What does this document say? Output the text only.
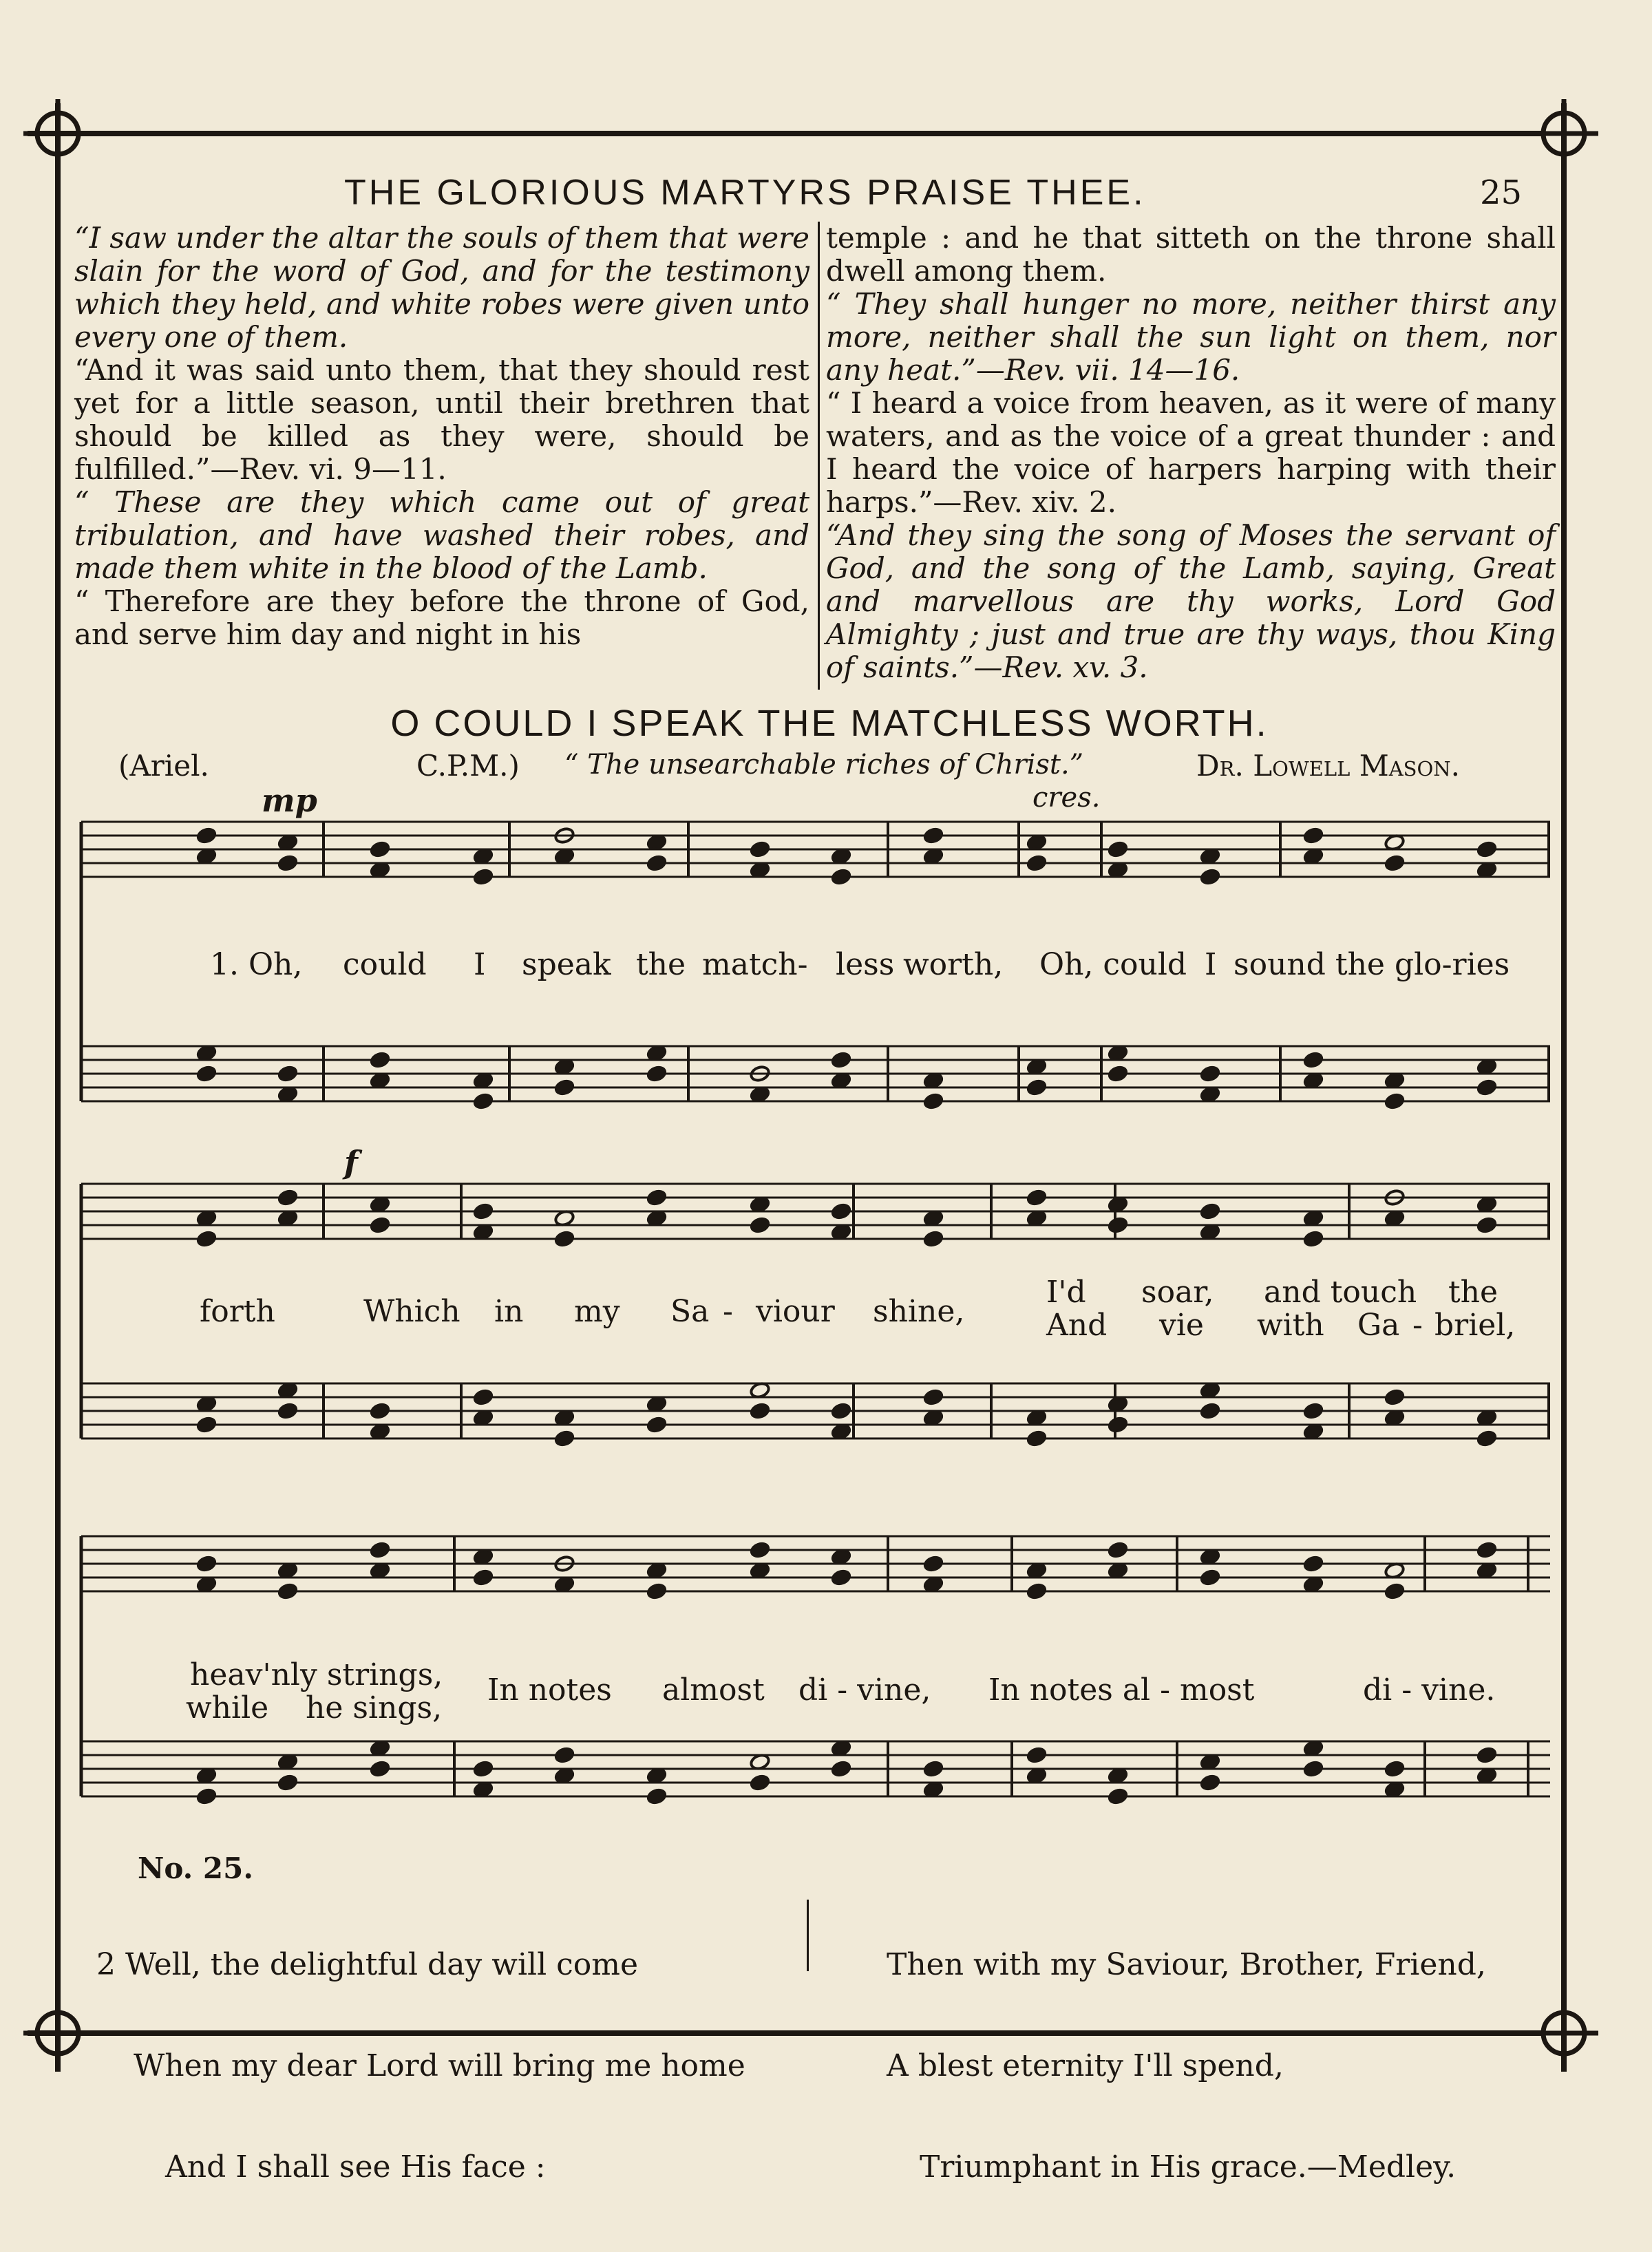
THE GLORIOUS MARTYRS PRAISE THEE.	25

“I saw under the altar the souls of them that were slain for the word of God, and for the testimony which they held, and white robes were given unto every one of them.

“And it was said unto them, that they should rest yet for a little season, until their brethren that should be killed as they were, should be fulfilled.”—Rev. vi. 9—11.

“ These are they which came out of great tribulation, and have washed their robes, and made them white in the blood of the Lamb.

“ Therefore are they before the throne of God, and serve him day and night in his

temple : and he that sitteth on the throne shall dwell among them.

“ They shall hunger no more, neither thirst any more, neither shall the sun light on them, nor any heat.”—Rev. vii. 14—16.

“ I heard a voice from heaven, as it were of many waters, and as the voice of a great thunder : and I heard the voice of harpers harping with their harps.”—Rev. xiv. 2.

“And they sing the song of Moses the servant of God, and the song of the Lamb, saying, Great and marvellous are thy works, Lord God Almighty ; just and true are thy ways, thou King of saints.”—Rev. xv. 3.

O COULD I SPEAK THE MATCHLESS WORTH.
(Ariel.	C.P.M.) “ The unsearchable riches of Christ.”	Dr. Lowell Mason.
mp	cres.
f
1. Oh, could I speak the match- less worth, Oh, could I sound the glo-ries
forth	Which in my Sa - viour shine,
I'd soar, and touch the
And vie with Ga - briel,
heav'nly strings, In notes almost di - vine, In notes al - most	di - vine.
while he sings,
No. 25.

2 Well, the delightful day will come

When my dear Lord will bring me home

And I shall see His face :

Then with my Saviour, Brother, Friend,

A blest eternity I'll spend,

Triumphant in His grace.—Medley.
